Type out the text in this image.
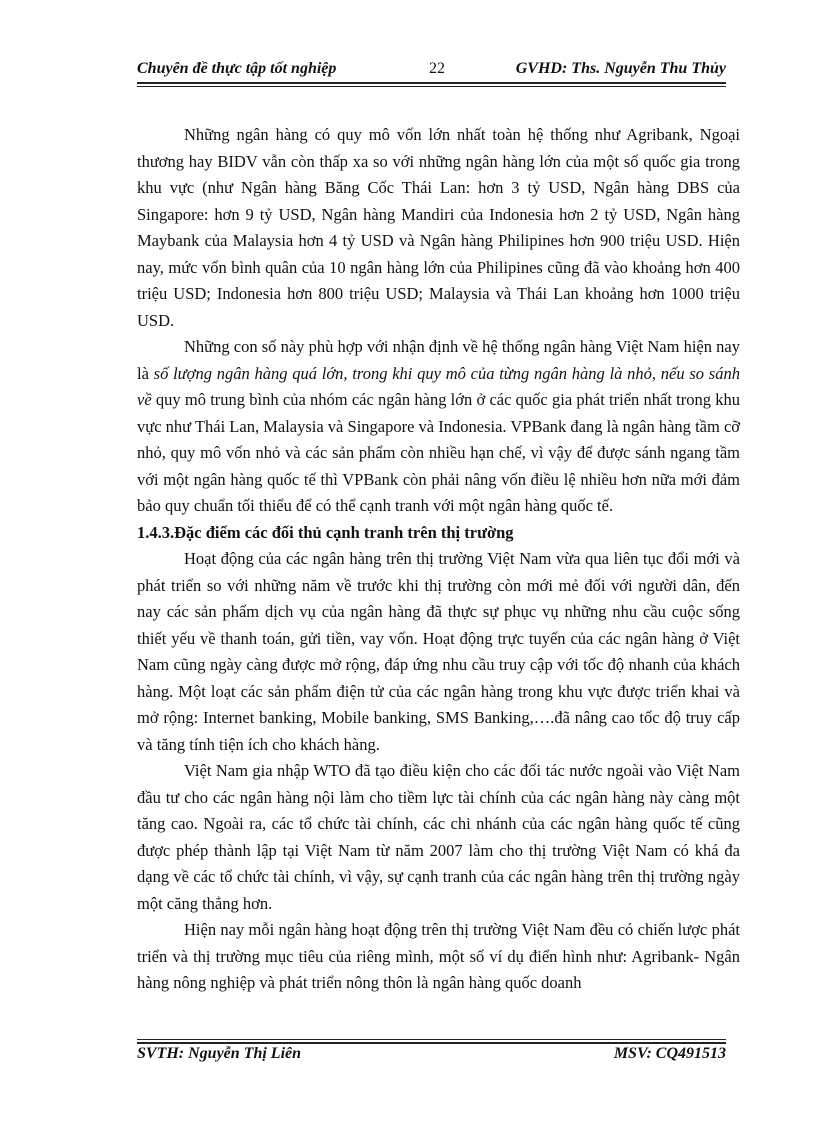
Chuyên đề thực tập tốt nghiệp	22	GVHD: Ths. Nguyễn Thu Thủy

Những ngân hàng có quy mô vốn lớn nhất toàn hệ thống như Agribank, Ngoại thương hay BIDV vẫn còn thấp xa so với những ngân hàng lớn của một số quốc gia trong khu vực (như Ngân hàng Băng Cốc Thái Lan: hơn 3 tỷ USD, Ngân hàng DBS của Singapore: hơn 9 tỷ USD, Ngân hàng Mandiri của Indonesia hơn 2 tỷ USD, Ngân hàng Maybank của Malaysia hơn 4 tỷ USD và Ngân hàng Philipines hơn 900 triệu USD. Hiện nay, mức vốn bình quân của 10 ngân hàng lớn của Philipines cũng đã vào khoảng hơn 400 triệu USD; Indonesia hơn 800 triệu USD; Malaysia và Thái Lan khoảng hơn 1000 triệu USD.

Những con số này phù hợp với nhận định về hệ thống ngân hàng Việt Nam hiện nay là số lượng ngân hàng quá lớn, trong khi quy mô của từng ngân hàng là nhỏ, nếu so sánh về quy mô trung bình của nhóm các ngân hàng lớn ở các quốc gia phát triển nhất trong khu vực như Thái Lan, Malaysia và Singapore và Indonesia. VPBank đang là ngân hàng tầm cỡ nhỏ, quy mô vốn nhỏ và các sản phẩm còn nhiều hạn chế, vì vậy để được sánh ngang tầm với một ngân hàng quốc tế thì VPBank còn phải nâng vốn điều lệ nhiều hơn nữa mới đảm bảo quy chuẩn tối thiểu để có thể cạnh tranh với một ngân hàng quốc tế.

1.4.3.Đặc điểm các đối thủ cạnh tranh trên thị trường

Hoạt động của các ngân hàng trên thị trường Việt Nam vừa qua liên tục đổi mới và phát triển so với những năm về trước khi thị trường còn mới mẻ đối với người dân, đến nay các sản phẩm dịch vụ của ngân hàng đã thực sự phục vụ những nhu cầu cuộc sống thiết yếu về thanh toán, gửi tiền, vay vốn. Hoạt động trực tuyến của các ngân hàng ở Việt Nam cũng ngày càng được mở rộng, đáp ứng nhu cầu truy cập với tốc độ nhanh của khách hàng. Một loạt các sản phẩm điện tử của các ngân hàng trong khu vực được triển khai và mở rộng: Internet banking, Mobile banking, SMS Banking,….đã nâng cao tốc độ truy cấp và tăng tính tiện ích cho khách hàng.

Việt Nam gia nhập WTO đã tạo điều kiện cho các đối tác nước ngoài vào Việt Nam đầu tư cho các ngân hàng nội làm cho tiềm lực tài chính của các ngân hàng này càng một tăng cao. Ngoài ra, các tổ chức tài chính, các chi nhánh của các ngân hàng quốc tế cũng được phép thành lập tại Việt Nam từ năm 2007 làm cho thị trường Việt Nam có khá đa dạng về các tổ chức tài chính, vì vậy, sự cạnh tranh của các ngân hàng trên thị trường ngày một căng thẳng hơn.

Hiện nay mỗi ngân hàng hoạt động trên thị trường Việt Nam đều có chiến lược phát triển và thị trường mục tiêu của riêng mình, một số ví dụ điển hình như: Agribank- Ngân hàng nông nghiệp và phát triển nông thôn là ngân hàng quốc doanh

SVTH: Nguyễn Thị Liên	MSV: CQ491513
